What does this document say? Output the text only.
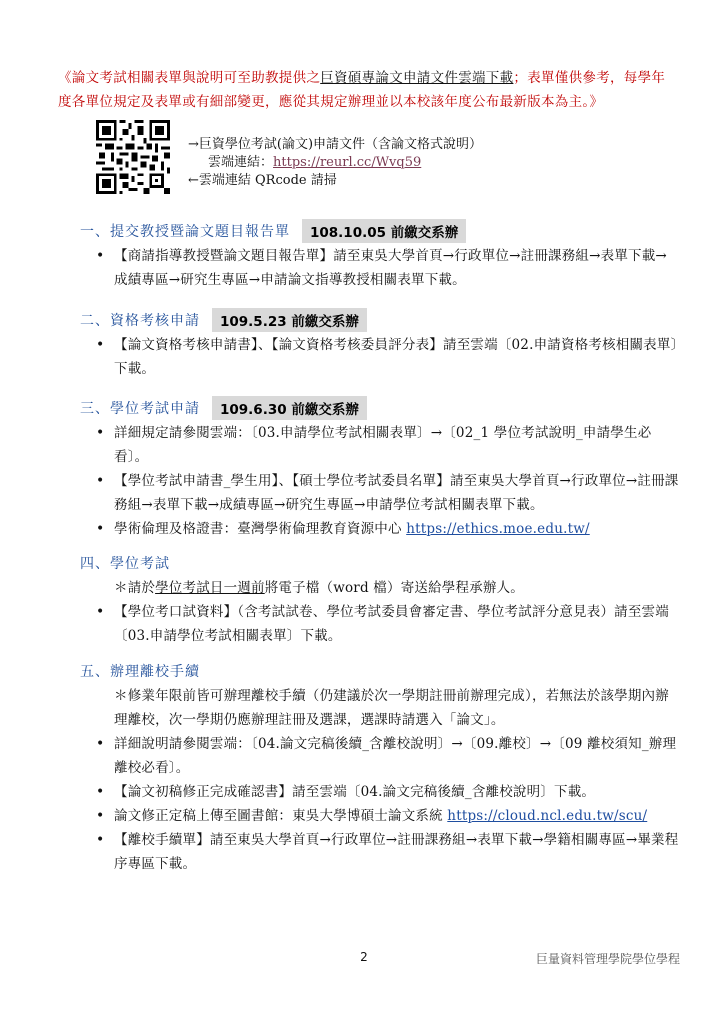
《論文考試相關表單與說明可至助教提供之巨資碩專論文申請文件雲端下載；表單僅供參考，每學年度各單位規定及表單或有細部變更，應從其規定辦理並以本校該年度公布最新版本為主。》
→巨資學位考試(論文)申請文件（含論文格式說明）
雲端連結：https://reurl.cc/Wvq59
←雲端連結 QRcode 請掃
一、提交教授暨論文題目報告單	108.10.05 前繳交系辦
• 【商請指導教授暨論文題目報告單】請至東吳大學首頁→行政單位→註冊課務組→表單下載→成績專區→研究生專區→申請論文指導教授相關表單下載。
二、資格考核申請	109.5.23 前繳交系辦
• 【論文資格考核申請書】、【論文資格考核委員評分表】請至雲端〔02.申請資格考核相關表單〕下載。
三、學位考試申請	109.6.30 前繳交系辦
• 詳細規定請參閱雲端：〔03.申請學位考試相關表單〕→〔02_1 學位考試說明_申請學生必看〕。
• 【學位考試申請書_學生用】、【碩士學位考試委員名單】請至東吳大學首頁→行政單位→註冊課務組→表單下載→成績專區→研究生專區→申請學位考試相關表單下載。
• 學術倫理及格證書：臺灣學術倫理教育資源中心 https://ethics.moe.edu.tw/
四、學位考試
＊請於學位考試日一週前將電子檔（word 檔）寄送給學程承辦人。
• 【學位考口試資料】（含考試試卷、學位考試委員會審定書、學位考試評分意見表）請至雲端〔03.申請學位考試相關表單〕下載。
五、辦理離校手續
＊修業年限前皆可辦理離校手續（仍建議於次一學期註冊前辦理完成），若無法於該學期內辦理離校，次一學期仍應辦理註冊及選課，選課時請選入「論文」。
• 詳細說明請參閱雲端：〔04.論文完稿後續_含離校說明〕→〔09.離校〕→〔09 離校須知_辦理離校必看〕。
• 【論文初稿修正完成確認書】請至雲端〔04.論文完稿後續_含離校說明〕下載。
• 論文修正定稿上傳至圖書館：東吳大學博碩士論文系統 https://cloud.ncl.edu.tw/scu/
• 【離校手續單】請至東吳大學首頁→行政單位→註冊課務組→表單下載→學籍相關專區→畢業程序專區下載。
2	巨量資料管理學院學位學程
